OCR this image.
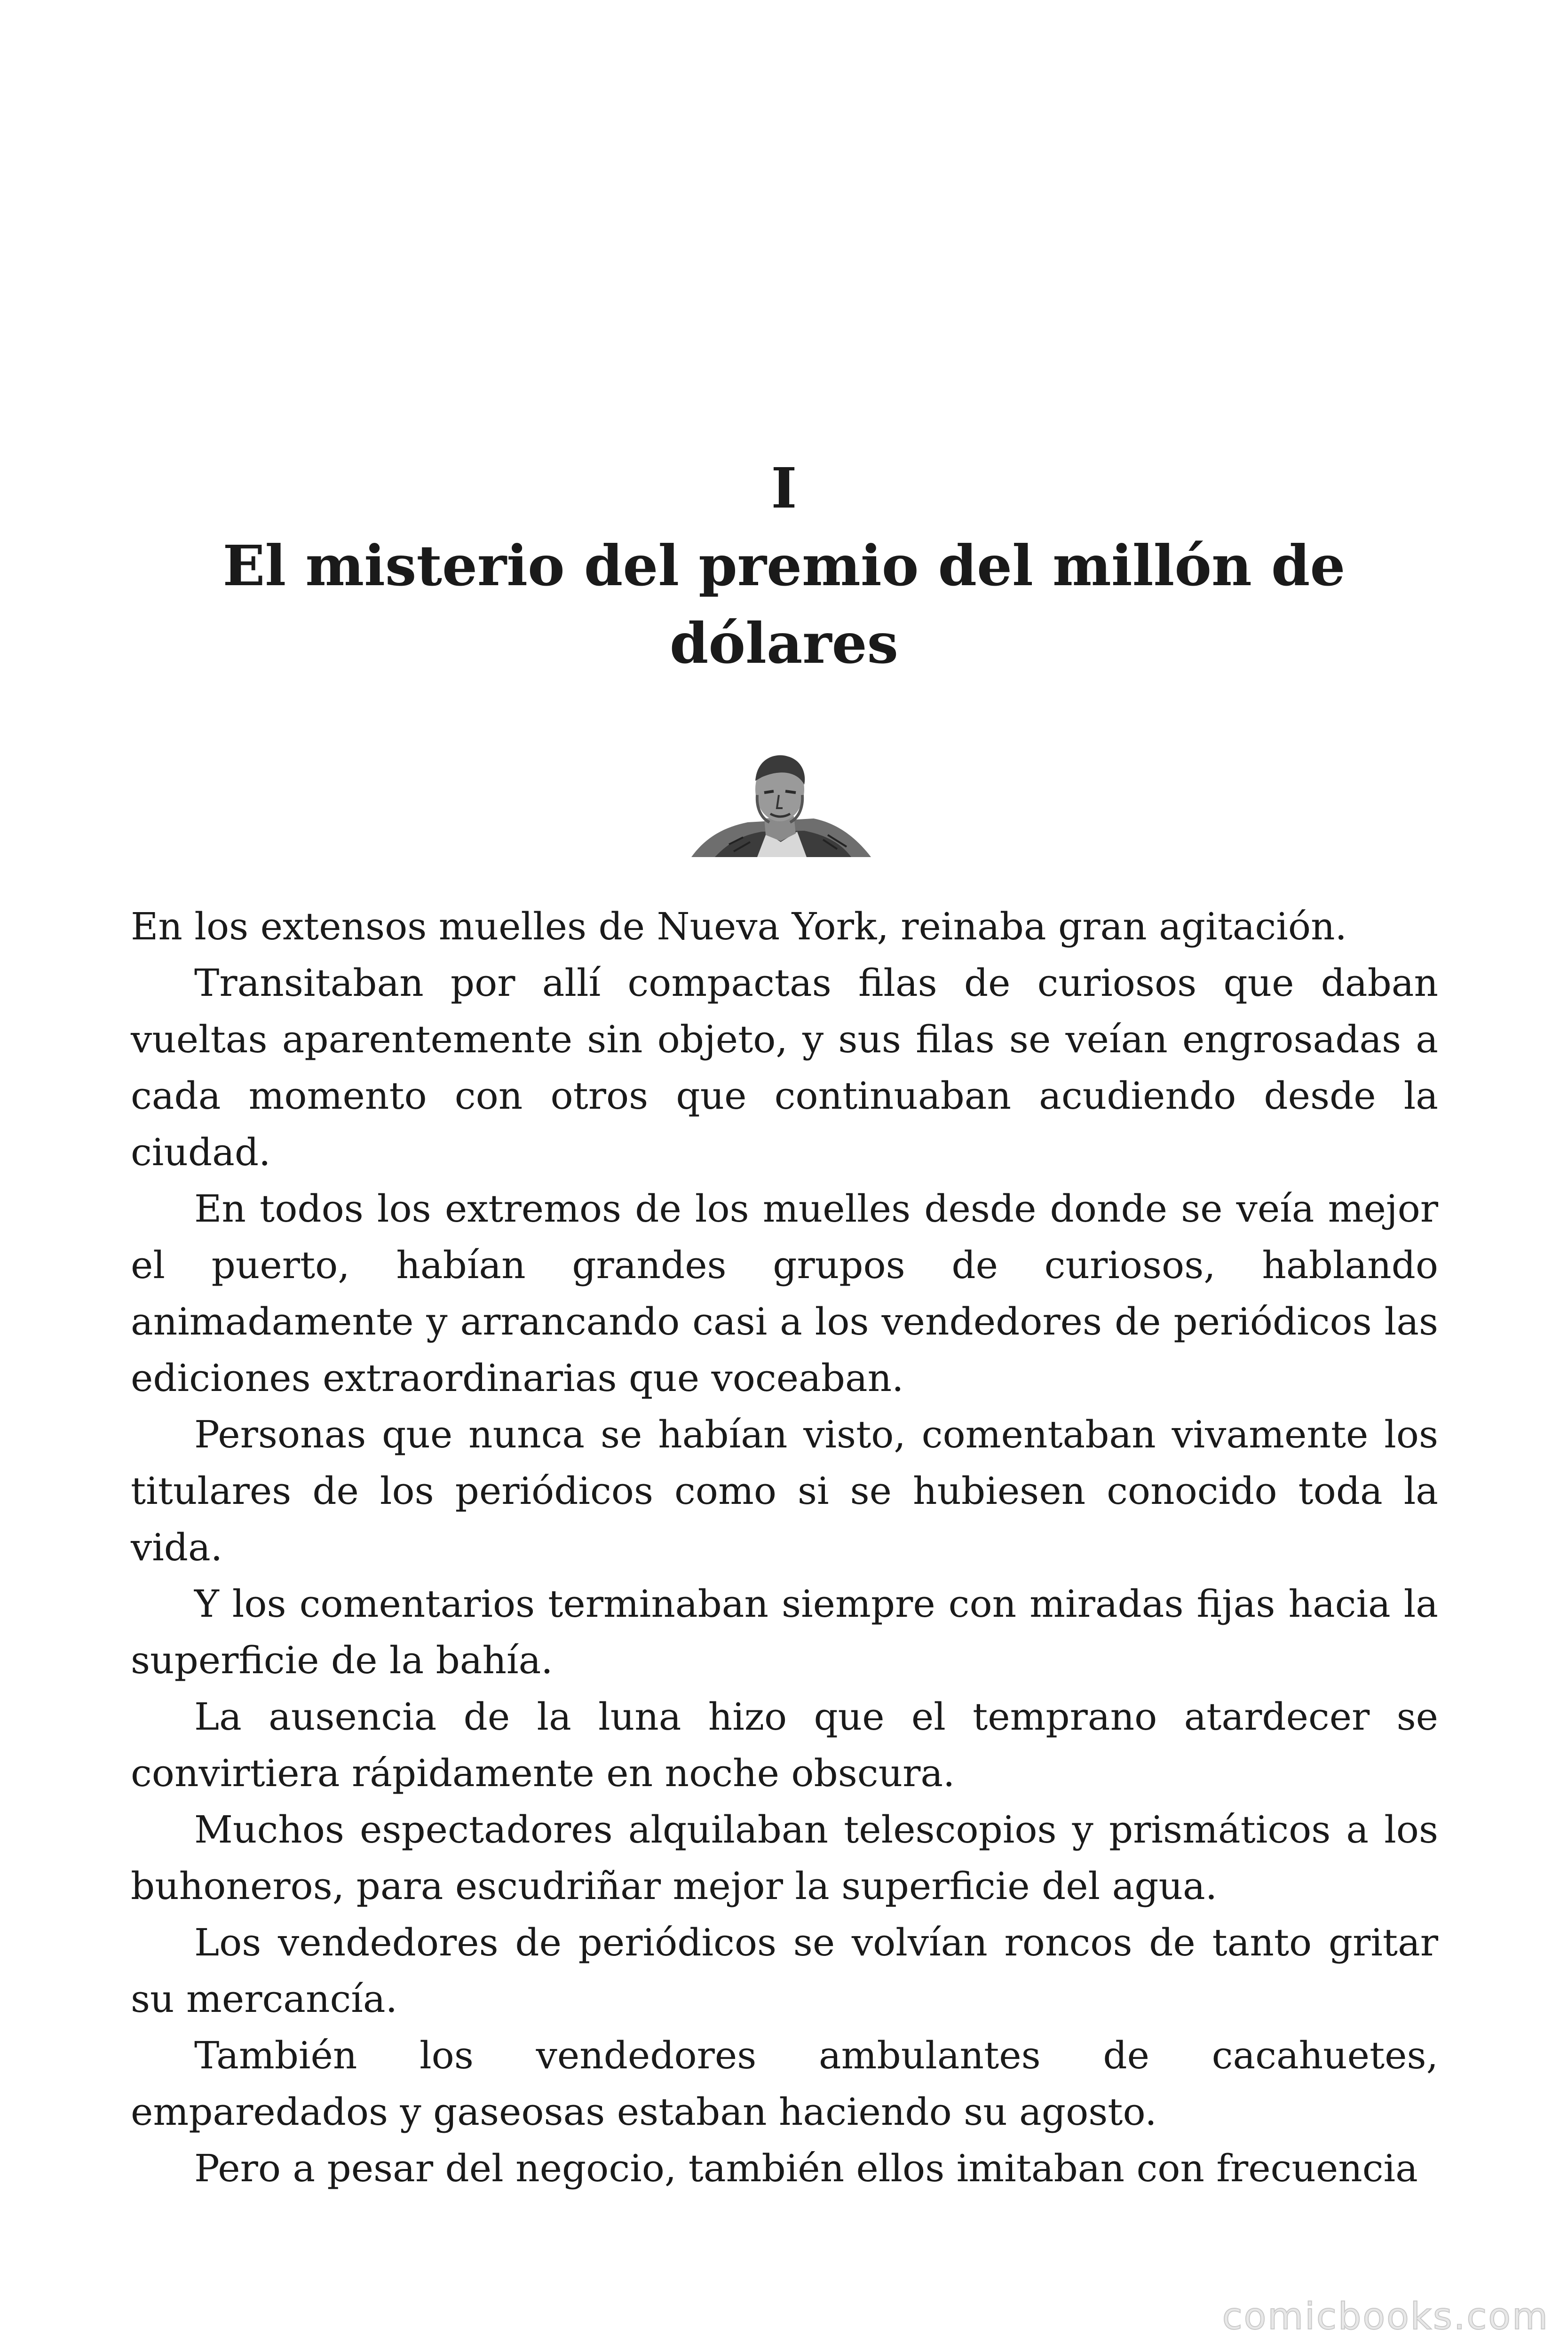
I
El misterio del premio del millón de
dólares

En los extensos muelles de Nueva York, reinaba gran agitación.

Transitaban por allí compactas filas de curiosos que daban vueltas aparentemente sin objeto, y sus filas se veían engrosadas a cada momento con otros que continuaban acudiendo desde la ciudad.

En todos los extremos de los muelles desde donde se veía mejor el puerto, habían grandes grupos de curiosos, hablando animadamente y arrancando casi a los vendedores de periódicos las ediciones extraordinarias que voceaban.

Personas que nunca se habían visto, comentaban vivamente los titulares de los periódicos como si se hubiesen conocido toda la vida.

Y los comentarios terminaban siempre con miradas fijas hacia la superficie de la bahía.

La ausencia de la luna hizo que el temprano atardecer se convirtiera rápidamente en noche obscura.

Muchos espectadores alquilaban telescopios y prismáticos a los buhoneros, para escudriñar mejor la superficie del agua.

Los vendedores de periódicos se volvían roncos de tanto gritar su mercancía.

También los vendedores ambulantes de cacahuetes, emparedados y gaseosas estaban haciendo su agosto.

Pero a pesar del negocio, también ellos imitaban con frecuencia

comicbooks.com
